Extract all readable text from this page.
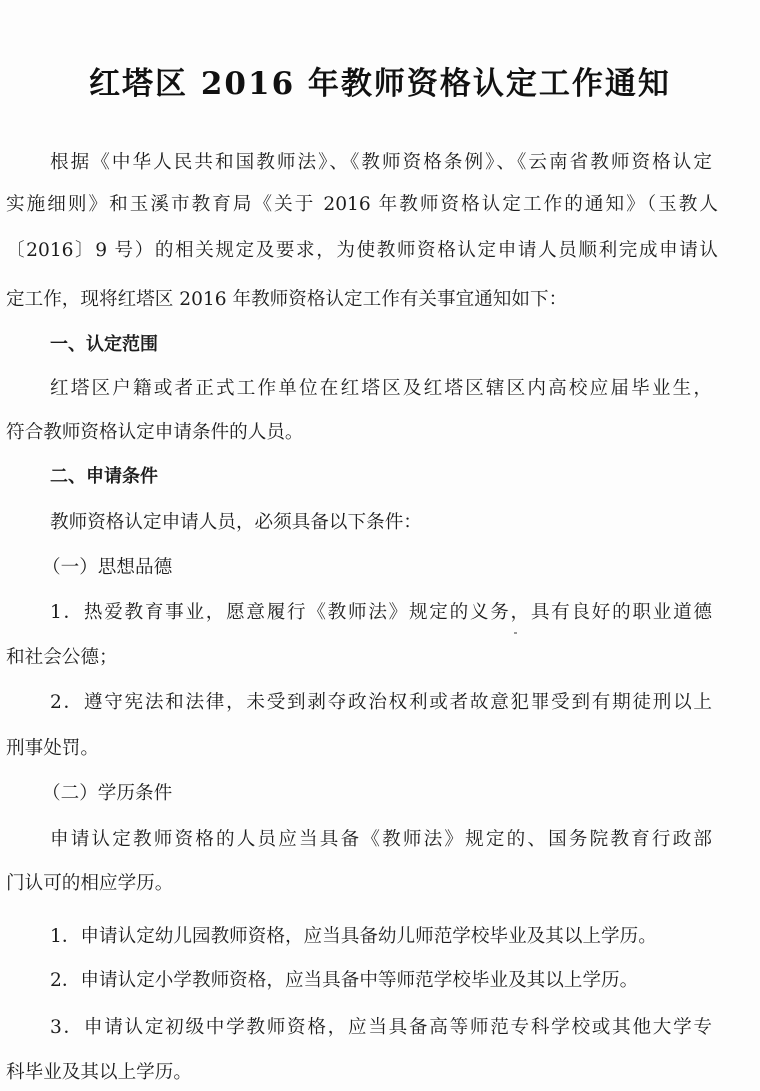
红塔区 2016 年教师资格认定工作通知
根据《中华人民共和国教师法》、《教师资格条例》、《云南省教师资格认定
实施细则》和玉溪市教育局《关于 2016 年教师资格认定工作的通知》（玉教人
〔2016〕9 号）的相关规定及要求，为使教师资格认定申请人员顺利完成申请认
定工作，现将红塔区 2016 年教师资格认定工作有关事宜通知如下：
一、认定范围
红塔区户籍或者正式工作单位在红塔区及红塔区辖区内高校应届毕业生，
符合教师资格认定申请条件的人员。
二、申请条件
教师资格认定申请人员，必须具备以下条件：
（一）思想品德
1．热爱教育事业，愿意履行《教师法》规定的义务，具有良好的职业道德
和社会公德；
2．遵守宪法和法律，未受到剥夺政治权利或者故意犯罪受到有期徒刑以上
刑事处罚。
（二）学历条件
申请认定教师资格的人员应当具备《教师法》规定的、国务院教育行政部
门认可的相应学历。
1．申请认定幼儿园教师资格，应当具备幼儿师范学校毕业及其以上学历。
2．申请认定小学教师资格，应当具备中等师范学校毕业及其以上学历。
3．申请认定初级中学教师资格，应当具备高等师范专科学校或其他大学专
科毕业及其以上学历。
